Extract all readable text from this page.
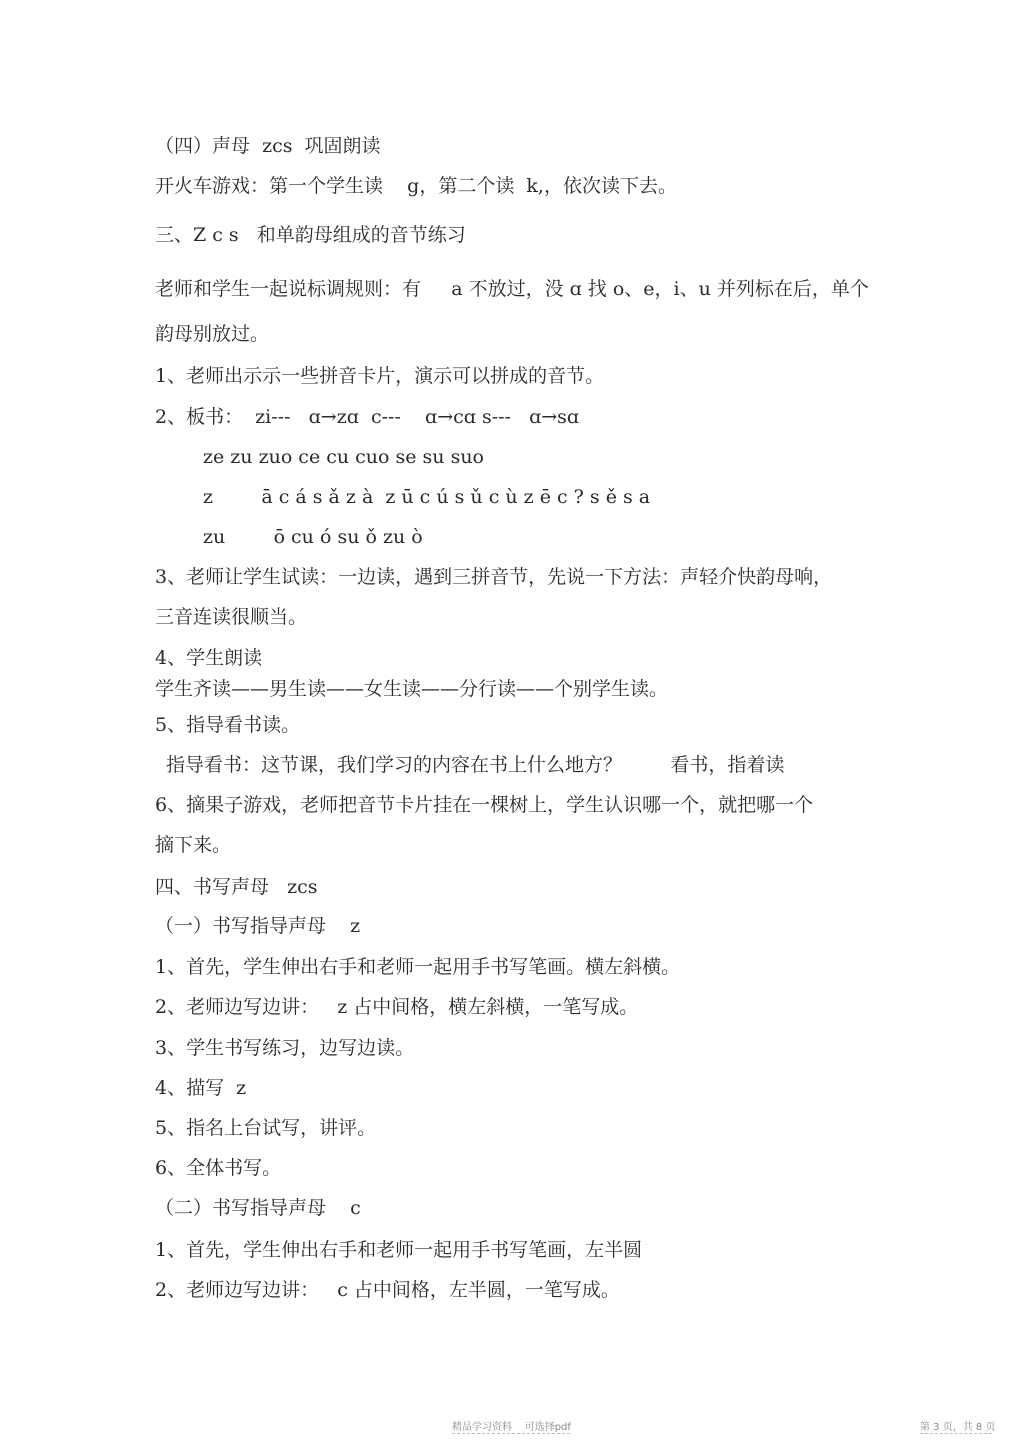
（四）声母  zcs  巩固朗读
开火车游戏：第一个学生读    g，第二个读  k,，依次读下去。
三、Z c s   和单韵母组成的音节练习
老师和学生一起说标调规则：有     a 不放过，没 ɑ 找 o、e，i、u 并列标在后，单个
韵母别放过。
1、老师出示示一些拼音卡片，演示可以拼成的音节。
2、板书：  zi---   ɑ→zɑ  c---    ɑ→cɑ s---   ɑ→sɑ
ze zu zuo ce cu cuo se su suo
z        ā c á s ǎ z à  z ū c ú s ǔ c ù z ē c ? s ě s a
zu        ō cu ó su ǒ zu ò
3、老师让学生试读：一边读，遇到三拼音节，先说一下方法：声轻介快韵母响，
三音连读很顺当。
4、学生朗读
学生齐读——男生读——女生读——分行读——个别学生读。
5、指导看书读。
指导看书：这节课，我们学习的内容在书上什么地方？        看书，指着读
6、摘果子游戏，老师把音节卡片挂在一棵树上，学生认识哪一个，就把哪一个
摘下来。
四、书写声母   zcs
（一）书写指导声母    z
1、首先，学生伸出右手和老师一起用手书写笔画。横左斜横。
2、老师边写边讲：   z 占中间格，横左斜横，一笔写成。
3、学生书写练习，边写边读。
4、描写  z
5、指名上台试写，讲评。
6、全体书写。
（二）书写指导声母    c
1、首先，学生伸出右手和老师一起用手书写笔画，左半圆
2、老师边写边讲：   c 占中间格，左半圆，一笔写成。
精品学习资料    可选择pdf	第 3 页，共 8 页
